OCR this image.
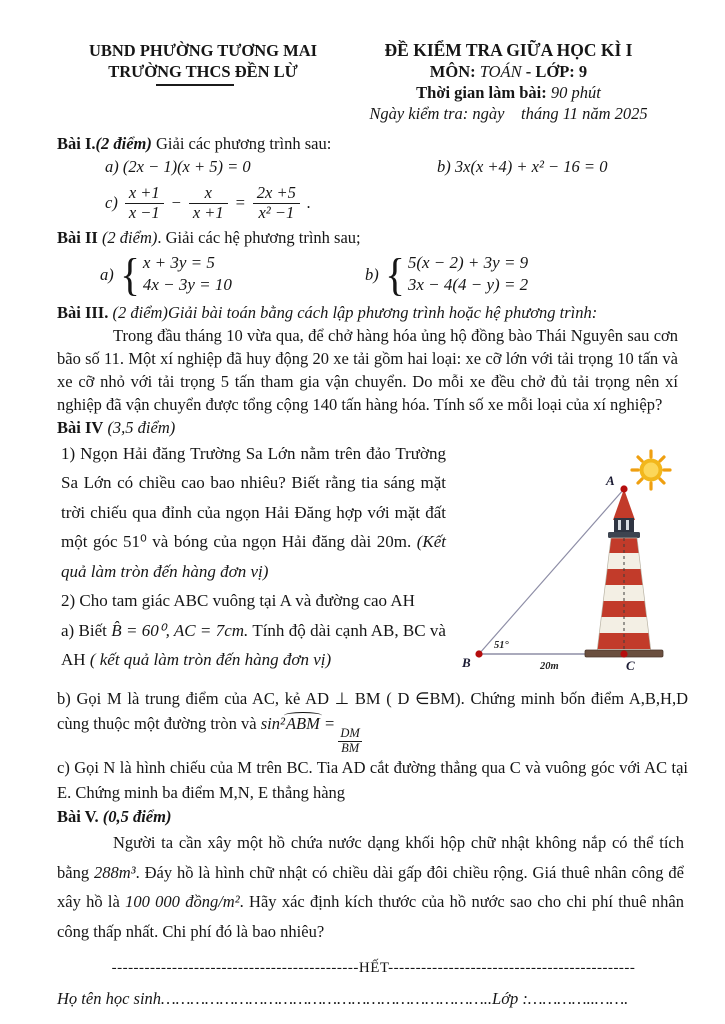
UBND PHƯỜNG TƯƠNG MAI
TRƯỜNG THCS ĐỀN LỪ
ĐỀ KIỂM TRA GIỮA HỌC KÌ I
MÔN: TOÁN - LỚP: 9
Thời gian làm bài: 90 phút
Ngày kiểm tra: ngày    tháng 11 năm 2025
Bài I.(2 điểm) Giải các phương trình sau:
a) (2x − 1)(x + 5) = 0	b) 3x(x +4) + x² − 16 = 0
$c) \frac{x +1}{x -1} - \frac{x}{x +1} = \frac{2x +5}{\text{x² −1}}$ .
Bài II (2 điểm). Giải các hệ phương trình sau;
a) { x + 3y = 5
4x − 3y = 10
b) { 5(x − 2) + 3y = 9
3x − 4(4 − y) = 2
Bài III. (2 điểm)Giải bài toán bằng cách lập phương trình hoặc hệ phương trình:
Trong đầu tháng 10 vừa qua, để chở hàng hóa ủng hộ đồng bào Thái Nguyên sau cơn bão số 11. Một xí nghiệp đã huy động 20 xe tải gồm hai loại: xe cỡ lớn với tải trọng 10 tấn và xe cỡ nhỏ với tải trọng 5 tấn tham gia vận chuyển. Do mỗi xe đều chở đủ tải trọng nên xí nghiệp đã vận chuyển được tổng cộng 140 tấn hàng hóa. Tính số xe mỗi loại của xí nghiệp?
Bài IV (3,5 điểm)
A
B	C
51°
20m
1) Ngọn Hải đăng Trường Sa Lớn nằm trên đảo Trường Sa Lớn có chiều cao bao nhiêu? Biết rằng tia sáng mặt trời chiếu qua đỉnh của ngọn Hải Đăng hợp với mặt đất một góc 51⁰ và bóng của ngọn Hải đăng dài 20m. (Kết quả làm tròn đến hàng đơn vị)
2) Cho tam giác ABC vuông tại A và đường cao AH
a) Biết B̂ = 60⁰, AC = 7cm. Tính độ dài cạnh AB, BC và AH ( kết quả làm tròn đến hàng đơn vị)
b) Gọi M là trung điểm của AC, kẻ AD ⊥ BM ( D ∈BM). Chứng minh bốn điểm A,B,H,D cùng thuộc một đường tròn và sin²ABM =
$\frac{DM}{BM}$
c) Gọi N là hình chiếu của M trên BC. Tia AD cắt đường thẳng qua C và vuông góc với AC tại E. Chứng minh ba điểm M,N, E thẳng hàng
Bài V. (0,5 điểm)
Người ta cần xây một hồ chứa nước dạng khối hộp chữ nhật không nắp có thể tích bằng 288m³. Đáy hồ là hình chữ nhật có chiều dài gấp đôi chiều rộng. Giá thuê nhân công để xây hồ là 100 000 đồng/m². Hãy xác định kích thước của hồ nước sao cho chi phí thuê nhân công thấp nhất. Chi phí đó là bao nhiêu?
---------------------------------------------HẾT---------------------------------------------
Họ tên học sinh…………………………………………………………..Lớp :…………..…….
